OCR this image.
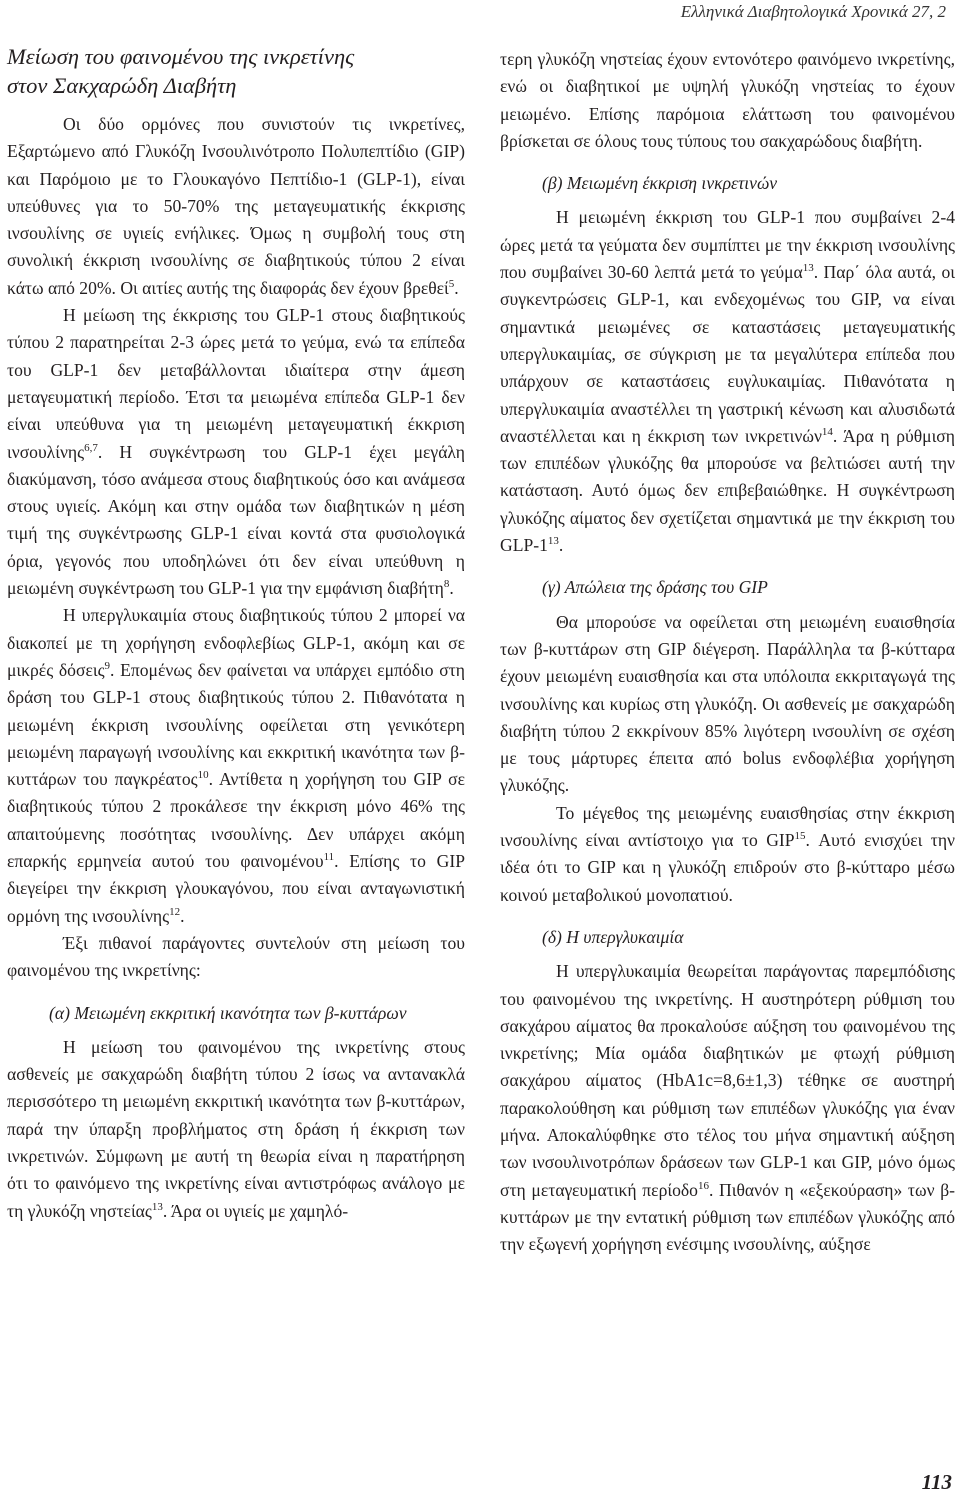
Ελληνικά Διαβητολογικά Χρονικά 27, 2
Μείωση του φαινομένου της ινκρετίνης
στον Σακχαρώδη Διαβήτη

Οι δύο ορμόνες που συνιστούν τις ινκρετίνες, Εξαρτώμενο από Γλυκόζη Ινσουλινότροπο Πολυπεπτίδιο (GIP) και Παρόμοιο με το Γλουκαγόνο Πεπτίδιο-1 (GLP-1), είναι υπεύθυνες για το 50-70% της μεταγευματικής έκκρισης ινσουλίνης σε υγιείς ενήλικες. Όμως η συμβολή τους στη συνολική έκκριση ινσουλίνης σε διαβητικούς τύπου 2 είναι κάτω από 20%. Οι αιτίες αυτής της διαφοράς δεν έχουν βρεθεί$^5$.

Η μείωση της έκκρισης του GLP-1 στους διαβητικούς τύπου 2 παρατηρείται 2-3 ώρες μετά το γεύμα, ενώ τα επίπεδα του GLP-1 δεν μεταβάλλονται ιδιαίτερα στην άμεση μεταγευματική περίοδο. Έτσι τα μειωμένα επίπεδα GLP-1 δεν είναι υπεύθυνα για τη μειωμένη μεταγευματική έκκριση ινσουλίνης$^{6,7}$. Η συγκέντρωση του GLP-1 έχει μεγάλη διακύμανση, τόσο ανάμεσα στους διαβητικούς όσο και ανάμεσα στους υγιείς. Ακόμη και στην ομάδα των διαβητικών η μέση τιμή της συγκέντρωσης GLP-1 είναι κοντά στα φυσιολογικά όρια, γεγονός που υποδηλώνει ότι δεν είναι υπεύθυνη η μειωμένη συγκέντρωση του GLP-1 για την εμφάνιση διαβήτη$^8$.

Η υπεργλυκαιμία στους διαβητικούς τύπου 2 μπορεί να διακοπεί με τη χορήγηση ενδοφλεβίως GLP-1, ακόμη και σε μικρές δόσεις$^9$. Επομένως δεν φαίνεται να υπάρχει εμπόδιο στη δράση του GLP-1 στους διαβητικούς τύπου 2. Πιθανότατα η μειωμένη έκκριση ινσουλίνης οφείλεται στη γενικότερη μειωμένη παραγωγή ινσουλίνης και εκκριτική ικανότητα των β-κυττάρων του παγκρέατος$^{10}$. Αντίθετα η χορήγηση του GIP σε διαβητικούς τύπου 2 προκάλεσε την έκκριση μόνο 46% της απαιτούμενης ποσότητας ινσουλίνης. Δεν υπάρχει ακόμη επαρκής ερμηνεία αυτού του φαινομένου$^{11}$. Επίσης το GIP διεγείρει την έκκριση γλουκαγόνου, που είναι ανταγωνιστική ορμόνη της ινσουλίνης$^{12}$.

Έξι πιθανοί παράγοντες συντελούν στη μείωση του φαινομένου της ινκρετίνης:

(α) Μειωμένη εκκριτική ικανότητα των β-κυττάρων

Η μείωση του φαινομένου της ινκρετίνης στους ασθενείς με σακχαρώδη διαβήτη τύπου 2 ίσως να αντανακλά περισσότερο τη μειωμένη εκκριτική ικανότητα των β-κυττάρων, παρά την ύπαρξη προβλήματος στη δράση ή έκκριση των ινκρετινών. Σύμφωνη με αυτή τη θεωρία είναι η παρατήρηση ότι το φαινόμενο της ινκρετίνης είναι αντιστρόφως ανάλογο με τη γλυκόζη νηστείας$^{13}$. Άρα οι υγιείς με χαμηλό-

τερη γλυκόζη νηστείας έχουν εντονότερο φαινόμενο ινκρετίνης, ενώ οι διαβητικοί με υψηλή γλυκόζη νηστείας το έχουν μειωμένο. Επίσης παρόμοια ελάττωση του φαινομένου βρίσκεται σε όλους τους τύπους του σακχαρώδους διαβήτη.

(β) Μειωμένη έκκριση ινκρετινών

Η μειωμένη έκκριση του GLP-1 που συμβαίνει 2-4 ώρες μετά τα γεύματα δεν συμπίπτει με την έκκριση ινσουλίνης που συμβαίνει 30-60 λεπτά μετά το γεύμα$^{13}$. Παρ΄ όλα αυτά, οι συγκεντρώσεις GLP-1, και ενδεχομένως του GIP, να είναι σημαντικά μειωμένες σε καταστάσεις μεταγευματικής υπεργλυκαιμίας, σε σύγκριση με τα μεγαλύτερα επίπεδα που υπάρχουν σε καταστάσεις ευγλυκαιμίας. Πιθανότατα η υπεργλυκαιμία αναστέλλει τη γαστρική κένωση και αλυσιδωτά αναστέλλεται και η έκκριση των ινκρετινών$^{14}$. Άρα η ρύθμιση των επιπέδων γλυκόζης θα μπορούσε να βελτιώσει αυτή την κατάσταση. Αυτό όμως δεν επιβεβαιώθηκε. Η συγκέντρωση γλυκόζης αίματος δεν σχετίζεται σημαντικά με την έκκριση του GLP-$1^{13}$.

(γ) Απώλεια της δράσης του GIP

Θα μπορούσε να οφείλεται στη μειωμένη ευαισθησία των β-κυττάρων στη GIP διέγερση. Παράλληλα τα β-κύτταρα έχουν μειωμένη ευαισθησία και στα υπόλοιπα εκκριταγωγά της ινσουλίνης και κυρίως στη γλυκόζη. Οι ασθενείς με σακχαρώδη διαβήτη τύπου 2 εκκρίνουν 85% λιγότερη ινσουλίνη σε σχέση με τους μάρτυρες έπειτα από bolus ενδοφλέβια χορήγηση γλυκόζης.

Το μέγεθος της μειωμένης ευαισθησίας στην έκκριση ινσουλίνης είναι αντίστοιχο για το GIP$^{15}$. Αυτό ενισχύει την ιδέα ότι το GIP και η γλυκόζη επιδρούν στο β-κύτταρο μέσω κοινού μεταβολικού μονοπατιού.

(δ) Η υπεργλυκαιμία

Η υπεργλυκαιμία θεωρείται παράγοντας παρεμπόδισης του φαινομένου της ινκρετίνης. Η αυστηρότερη ρύθμιση του σακχάρου αίματος θα προκαλούσε αύξηση του φαινομένου της ινκρετίνης; Μία ομάδα διαβητικών με φτωχή ρύθμιση σακχάρου αίματος (HbA1c=8,6±1,3) τέθηκε σε αυστηρή παρακολούθηση και ρύθμιση των επιπέδων γλυκόζης για έναν μήνα. Αποκαλύφθηκε στο τέλος του μήνα σημαντική αύξηση των ινσουλινοτρόπων δράσεων των GLP-1 και GIP, μόνο όμως στη μεταγευματική περίοδο$^{16}$. Πιθανόν η «εξεκούραση» των β-κυττάρων με την εντατική ρύθμιση των επιπέδων γλυκόζης από την εξωγενή χορήγηση ενέσιμης ινσουλίνης, αύξησε

113
